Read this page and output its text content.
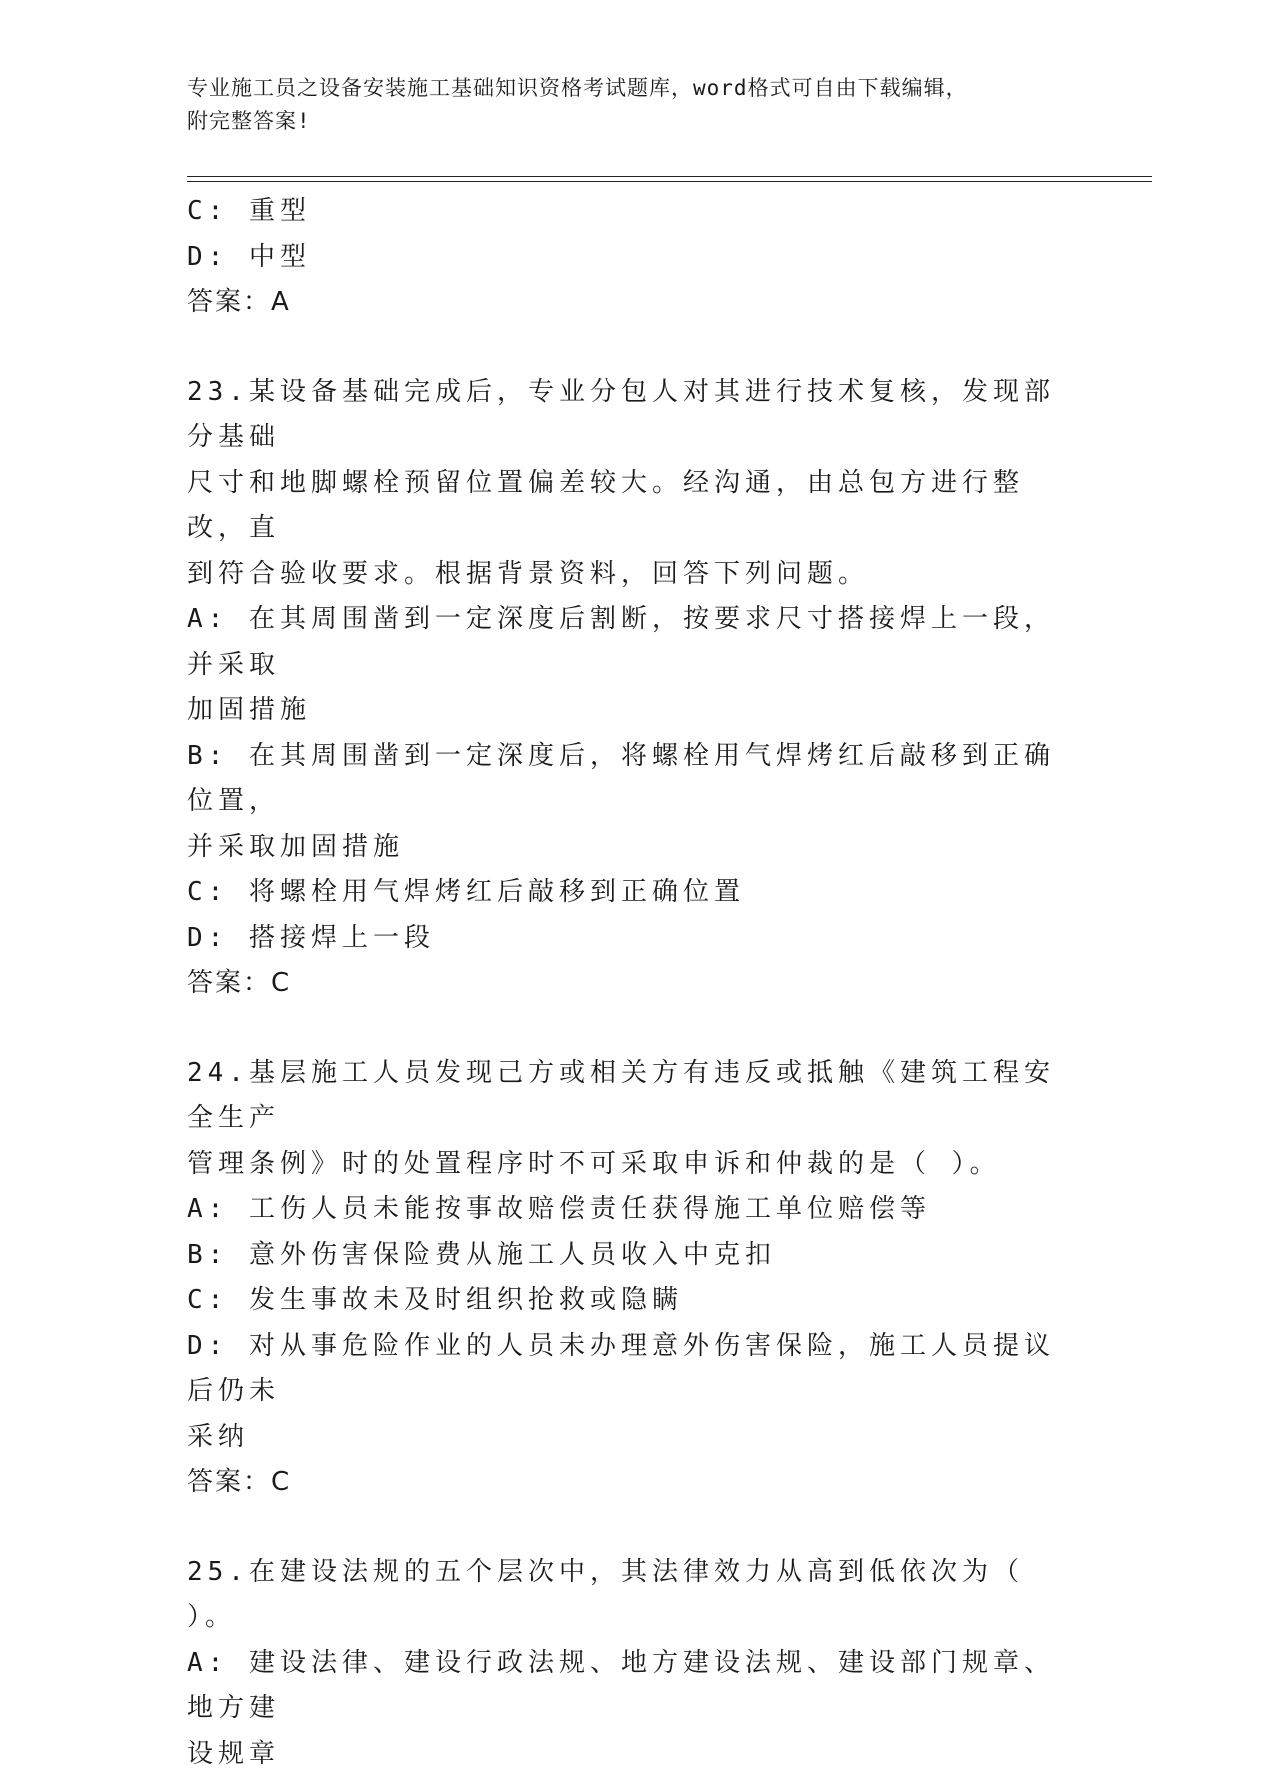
专业施工员之设备安装施工基础知识资格考试题库，word格式可自由下载编辑，
附完整答案!
C: 重型
D: 中型
答案：A
23.某设备基础完成后，专业分包人对其进行技术复核，发现部分基础
尺寸和地脚螺栓预留位置偏差较大。经沟通，由总包方进行整改，直
到符合验收要求。根据背景资料，回答下列问题。
A: 在其周围凿到一定深度后割断，按要求尺寸搭接焊上一段，并采取
加固措施
B: 在其周围凿到一定深度后，将螺栓用气焊烤红后敲移到正确位置，
并采取加固措施
C: 将螺栓用气焊烤红后敲移到正确位置
D: 搭接焊上一段
答案：C
24.基层施工人员发现己方或相关方有违反或抵触《建筑工程安全生产
管理条例》时的处置程序时不可采取申诉和仲裁的是（ ）。
A: 工伤人员未能按事故赔偿责任获得施工单位赔偿等
B: 意外伤害保险费从施工人员收入中克扣
C: 发生事故未及时组织抢救或隐瞒
D: 对从事危险作业的人员未办理意外伤害保险，施工人员提议后仍未
采纳
答案：C
25.在建设法规的五个层次中，其法律效力从高到低依次为（ ）。
A: 建设法律、建设行政法规、地方建设法规、建设部门规章、地方建
设规章
